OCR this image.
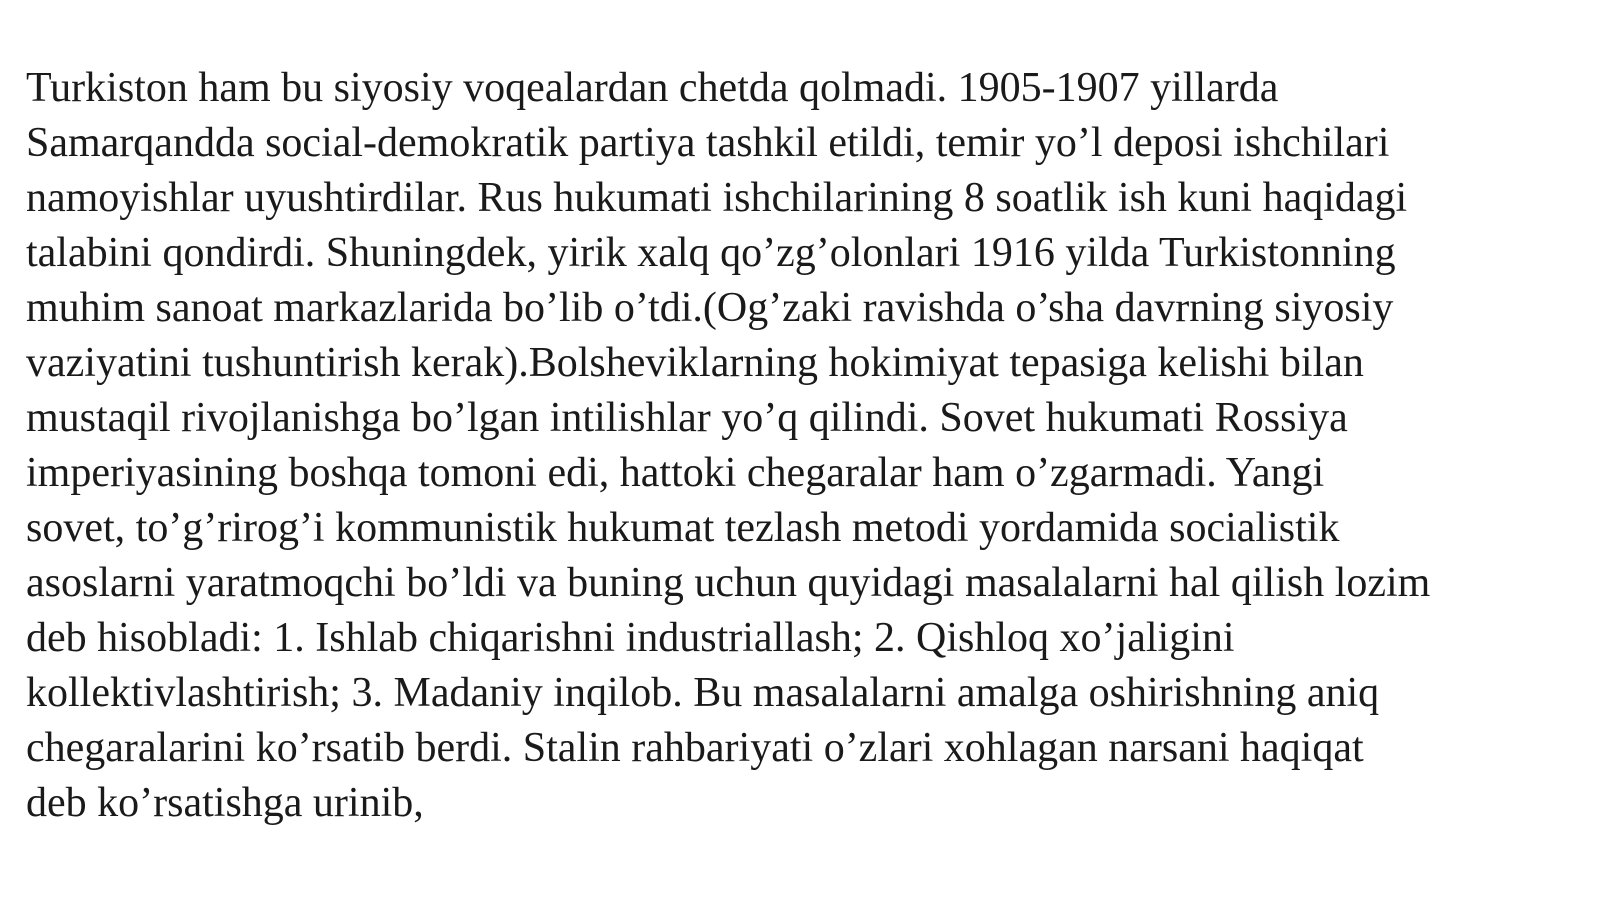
Turkiston ham bu siyosiy voqealardan chetda qolmadi. 1905-1907 yillarda
Samarqandda social-demokratik partiya tashkil etildi, temir yo’l deposi ishchilari
namoyishlar uyushtirdilar. Rus hukumati ishchilarining 8 soatlik ish kuni haqidagi
talabini qondirdi. Shuningdek, yirik xalq qo’zg’olonlari 1916 yilda Turkistonning
muhim sanoat markazlarida bo’lib o’tdi.(Og’zaki ravishda o’sha davrning siyosiy
vaziyatini tushuntirish kerak).Bolsheviklarning hokimiyat tepasiga kelishi bilan
mustaqil rivojlanishga bo’lgan intilishlar yo’q qilindi. Sovet hukumati Rossiya
imperiyasining boshqa tomoni edi, hattoki chegaralar ham o’zgarmadi. Yangi
sovet, to’g’rirog’i kommunistik hukumat tezlash metodi yordamida socialistik
asoslarni yaratmoqchi bo’ldi va buning uchun quyidagi masalalarni hal qilish lozim
deb hisobladi: 1. Ishlab chiqarishni industriallash; 2. Qishloq xo’jaligini
kollektivlashtirish; 3. Madaniy inqilob. Bu masalalarni amalga oshirishning aniq
chegaralarini ko’rsatib berdi. Stalin rahbariyati o’zlari xohlagan narsani haqiqat
deb ko’rsatishga urinib,
